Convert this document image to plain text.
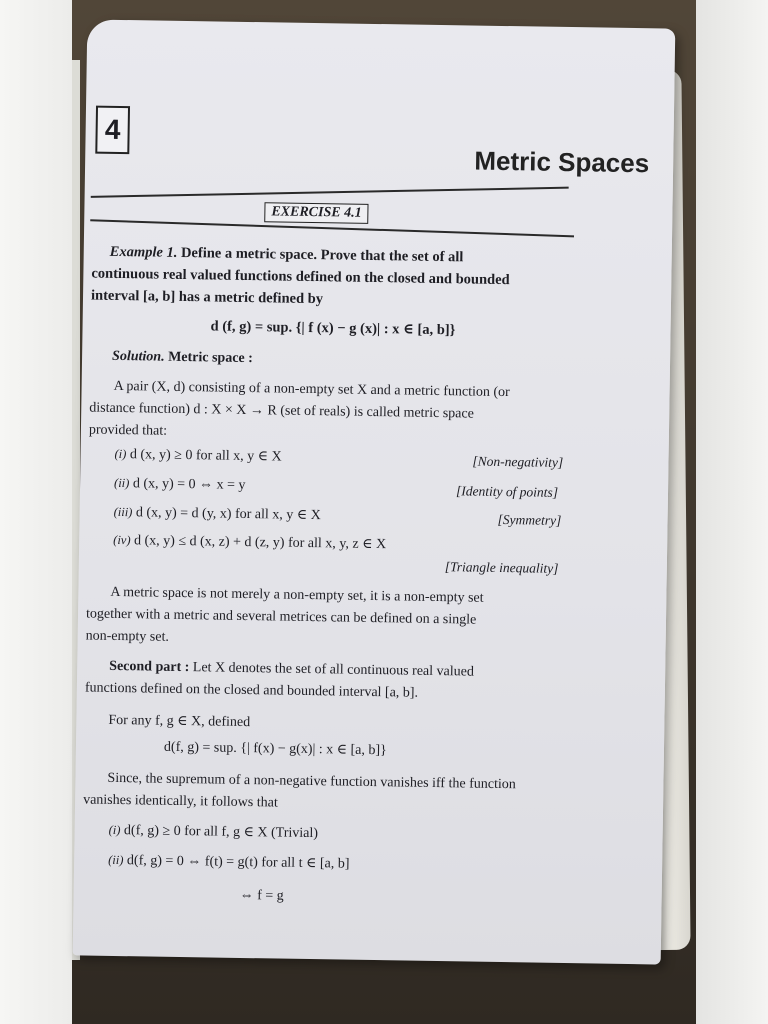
4
Metric Spaces
EXERCISE 4.1
Example 1. Define a metric space. Prove that the set of all
continuous real valued functions defined on the closed and bounded
interval [a, b] has a metric defined by
d (f, g) = sup. {| f (x) − g (x)| : x ∈ [a, b]}
Solution. Metric space :
A pair (X, d) consisting of a non-empty set X and a metric function (or
distance function) d : X × X → R (set of reals) is called metric space
provided that:
(i) d (x, y) ≥ 0 for all x, y ∈ X	[Non-negativity]
(ii) d (x, y) = 0 ⇔ x = y	[Identity of points]
(iii) d (x, y) = d (y, x) for all x, y ∈ X	[Symmetry]
(iv) d (x, y) ≤ d (x, z) + d (z, y) for all x, y, z ∈ X
[Triangle inequality]
A metric space is not merely a non-empty set, it is a non-empty set
together with a metric and several metrices can be defined on a single
non-empty set.
Second part : Let X denotes the set of all continuous real valued
functions defined on the closed and bounded interval [a, b].
For any f, g ∈ X, defined
d(f, g) = sup. {| f(x) − g(x)| : x ∈ [a, b]}
Since, the supremum of a non-negative function vanishes iff the function
vanishes identically, it follows that
(i) d(f, g) ≥ 0 for all f, g ∈ X (Trivial)
(ii) d(f, g) = 0 ⇔ f(t) = g(t) for all t ∈ [a, b]
⇔ f = g
